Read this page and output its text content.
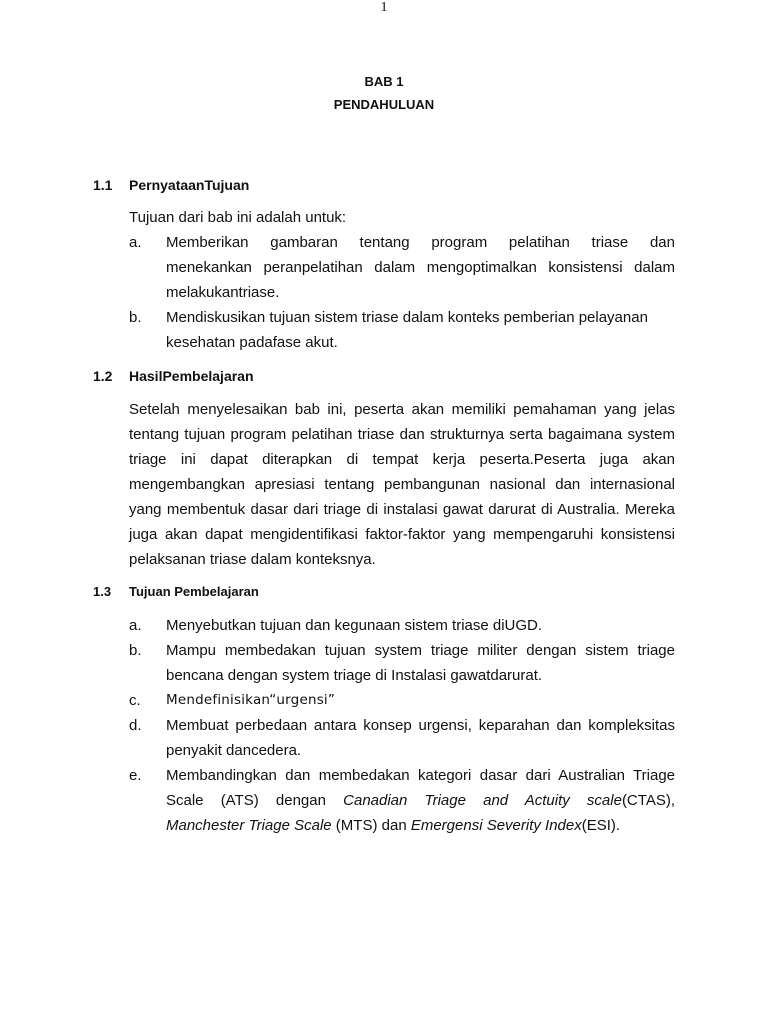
1
BAB 1
PENDAHULUAN
1.1	PernyataanTujuan

Tujuan dari bab ini adalah untuk:

a.	Memberikan gambaran tentang program pelatihan triase dan
menekankan peranpelatihan dalam mengoptimalkan konsistensi dalam
melakukantriase.
b.	Mendiskusikan tujuan sistem triase dalam konteks pemberian pelayanan
kesehatan padafase akut.
1.2	HasilPembelajaran

Setelah menyelesaikan bab ini, peserta akan memiliki pemahaman yang jelas tentang tujuan program pelatihan triase dan strukturnya serta bagaimana system triage ini dapat diterapkan di tempat kerja peserta.Peserta juga akan mengembangkan apresiasi tentang pembangunan nasional dan internasional yang membentuk dasar dari triage di instalasi gawat darurat di Australia. Mereka juga akan dapat mengidentifikasi faktor-faktor yang mempengaruhi konsistensi pelaksanan triase dalam konteksnya.

1.3	Tujuan Pembelajaran
a.	Menyebutkan tujuan dan kegunaan sistem triase diUGD.
b.	Mampu membedakan tujuan system triage militer dengan sistem triage
bencana dengan system triage di Instalasi gawatdarurat.
c.	Mendefinisikan“urgensi”
d.	Membuat perbedaan antara konsep urgensi, keparahan dan kompleksitas
penyakit dancedera.
e.	Membandingkan dan membedakan kategori dasar dari Australian Triage
Scale (ATS) dengan Canadian Triage and Actuity scale(CTAS),
Manchester Triage Scale (MTS) dan Emergensi Severity Index(ESI).
